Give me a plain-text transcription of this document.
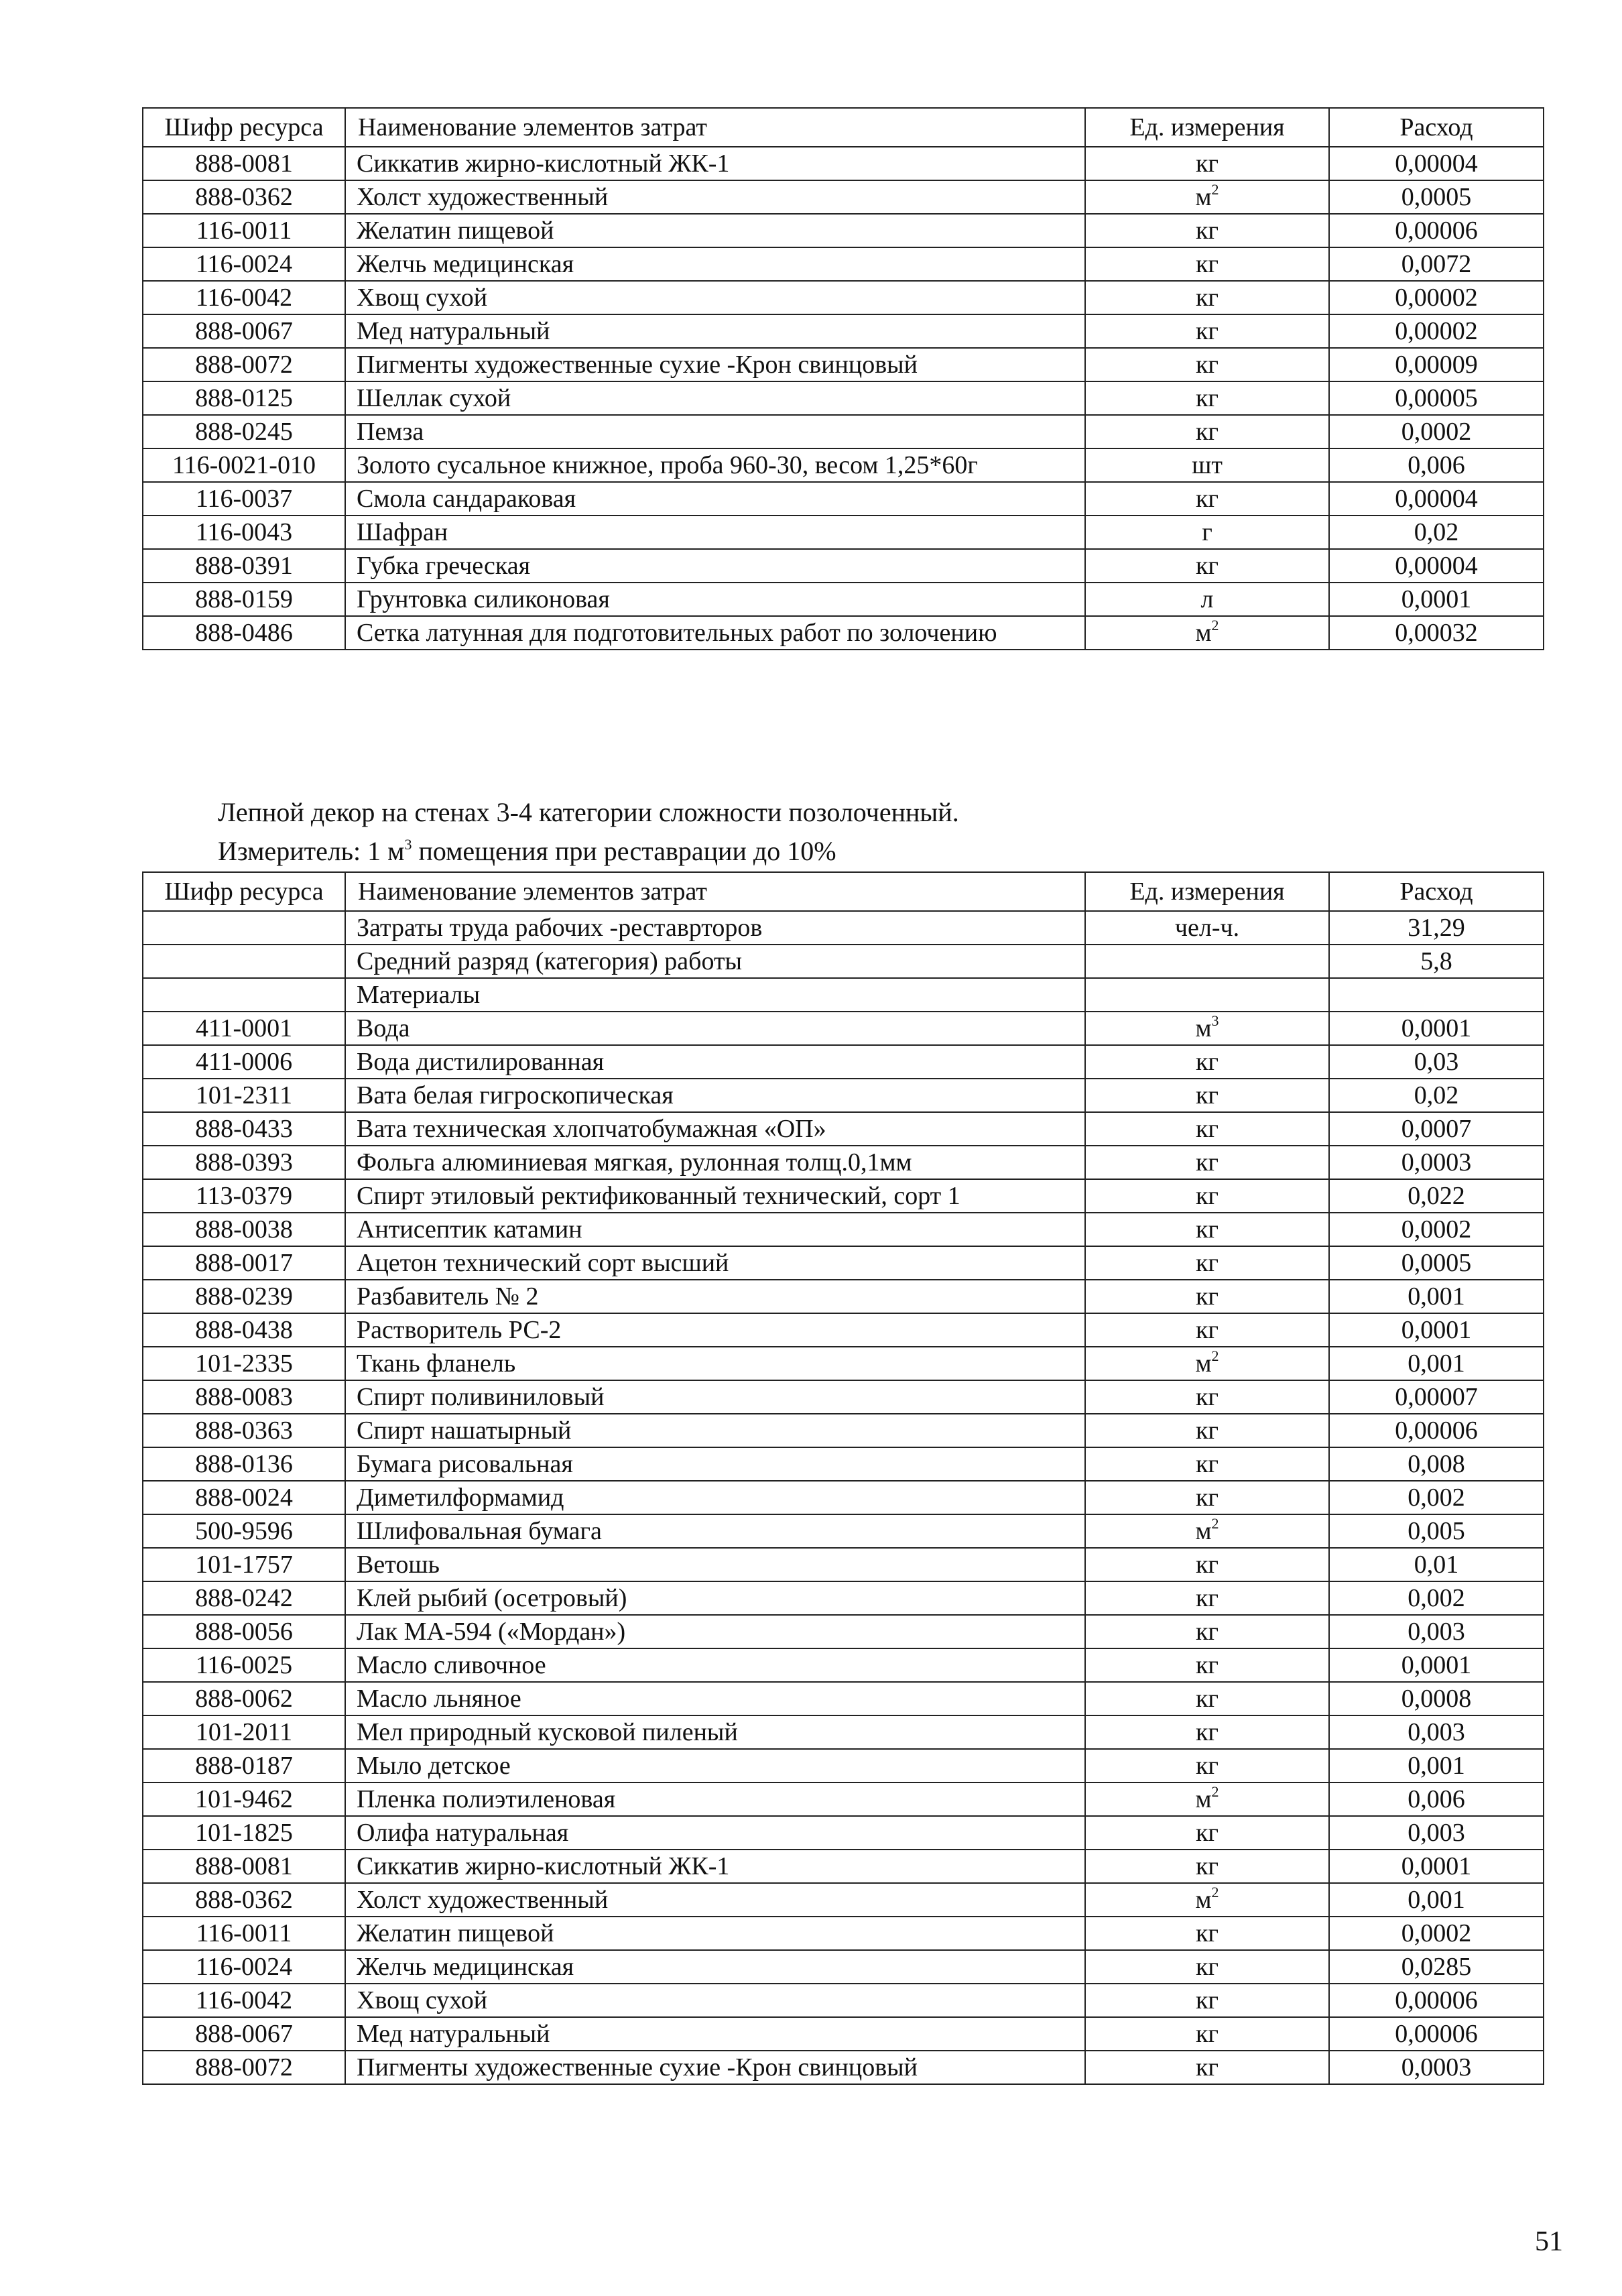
Шифр ресурса	Наименование элементов затрат	Ед. измерения	Расход
888-0081	Сиккатив жирно-кислотный ЖК-1	кг	0,00004
888-0362	Холст художественный	$м^2$	0,0005
116-0011	Желатин пищевой	кг	0,00006
116-0024	Желчь медицинская	кг	0,0072
116-0042	Хвощ сухой	кг	0,00002
888-0067	Мед натуральный	кг	0,00002
888-0072	Пигменты художественные сухие -Крон свинцовый	кг	0,00009
888-0125	Шеллак сухой	кг	0,00005
888-0245	Пемза	кг	0,0002
116-0021-010	Золото сусальное книжное, проба 960-30, весом 1,25*60г	шт	0,006
116-0037	Смола сандараковая	кг	0,00004
116-0043	Шафран	г	0,02
888-0391	Губка греческая	кг	0,00004
888-0159	Грунтовка силиконовая	л	0,0001
888-0486	Сетка латунная для подготовительных работ по золочению	$м^2$	0,00032
Лепной декор на стенах 3-4 категории сложности позолоченный.
Измеритель: 1 $м^3$ помещения при реставрации до 10%
Шифр ресурса	Наименование элементов затрат	Ед. измерения	Расход
	Затраты труда рабочих -реставрторов	чел-ч.	31,29
	Средний разряд (категория) работы		5,8
	Материалы		
411-0001	Вода	$м^3$	0,0001
411-0006	Вода дистилированная	кг	0,03
101-2311	Вата белая гигроскопическая	кг	0,02
888-0433	Вата техническая хлопчатобумажная «ОП»	кг	0,0007
888-0393	Фольга алюминиевая мягкая, рулонная толщ.0,1мм	кг	0,0003
113-0379	Спирт этиловый ректификованный технический, сорт 1	кг	0,022
888-0038	Антисептик катамин	кг	0,0002
888-0017	Ацетон технический сорт высший	кг	0,0005
888-0239	Разбавитель № 2	кг	0,001
888-0438	Растворитель РС-2	кг	0,0001
101-2335	Ткань фланель	$м^2$	0,001
888-0083	Спирт поливиниловый	кг	0,00007
888-0363	Спирт нашатырный	кг	0,00006
888-0136	Бумага рисовальная	кг	0,008
888-0024	Диметилформамид	кг	0,002
500-9596	Шлифовальная бумага	$м^2$	0,005
101-1757	Ветошь	кг	0,01
888-0242	Клей рыбий (осетровый)	кг	0,002
888-0056	Лак МА-594 («Мордан»)	кг	0,003
116-0025	Масло сливочное	кг	0,0001
888-0062	Масло льняное	кг	0,0008
101-2011	Мел природный кусковой пиленый	кг	0,003
888-0187	Мыло детское	кг	0,001
101-9462	Пленка полиэтиленовая	$м^2$	0,006
101-1825	Олифа натуральная	кг	0,003
888-0081	Сиккатив жирно-кислотный ЖК-1	кг	0,0001
888-0362	Холст художественный	$м^2$	0,001
116-0011	Желатин пищевой	кг	0,0002
116-0024	Желчь медицинская	кг	0,0285
116-0042	Хвощ сухой	кг	0,00006
888-0067	Мед натуральный	кг	0,00006
888-0072	Пигменты художественные сухие -Крон свинцовый	кг	0,0003
51
